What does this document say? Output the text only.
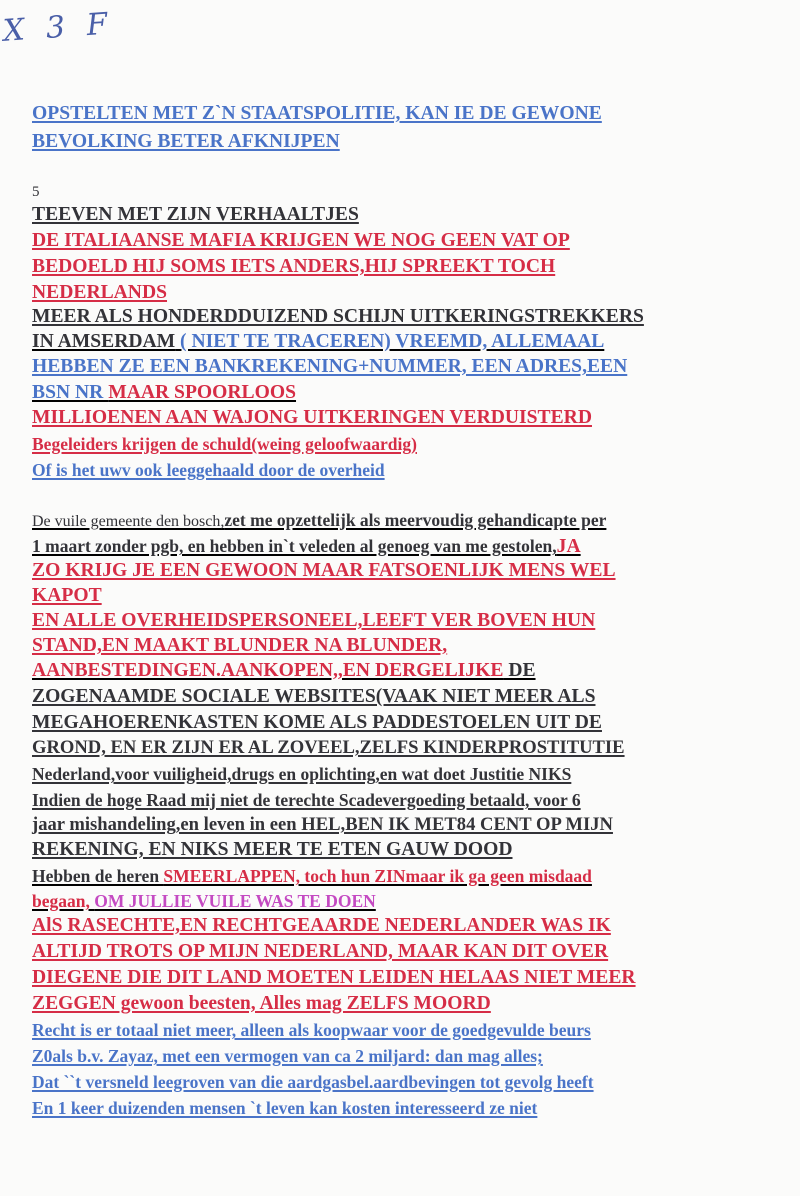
X 3 F
OPSTELTEN MET Z`N STAATSPOLITIE, KAN IE DE GEWONE
BEVOLKING BETER AFKNIJPEN
5
TEEVEN MET ZIJN VERHAALTJES
DE ITALIAANSE MAFIA KRIJGEN WE NOG GEEN VAT OP
BEDOELD HIJ SOMS IETS ANDERS,HIJ SPREEKT TOCH
NEDERLANDS
MEER ALS HONDERDDUIZEND SCHIJN UITKERINGSTREKKERS
IN AMSERDAM ( NIET TE TRACEREN) VREEMD, ALLEMAAL
HEBBEN ZE EEN BANKREKENING+NUMMER, EEN ADRES,EEN
BSN NR MAAR SPOORLOOS
MILLIOENEN AAN WAJONG UITKERINGEN VERDUISTERD
Begeleiders krijgen de schuld(weing geloofwaardig)
Of is het uwv ook leeggehaald door de overheid
De vuile gemeente den bosch,zet me opzettelijk als meervoudig gehandicapte per
1 maart zonder pgb, en hebben in`t veleden al genoeg van me gestolen,JA
ZO KRIJG JE EEN GEWOON MAAR FATSOENLIJK MENS WEL
KAPOT
EN ALLE OVERHEIDSPERSONEEL,LEEFT VER BOVEN HUN
STAND,EN MAAKT BLUNDER NA BLUNDER,
AANBESTEDINGEN.AANKOPEN,,EN DERGELIJKE DE
ZOGENAAMDE SOCIALE WEBSITES(VAAK NIET MEER ALS
MEGAHOERENKASTEN KOME ALS PADDESTOELEN UIT DE
GROND, EN ER ZIJN ER AL ZOVEEL,ZELFS KINDERPROSTITUTIE
Nederland,voor vuiligheid,drugs en oplichting,en wat doet Justitie NIKS
Indien de hoge Raad mij niet de terechte Scadevergoeding betaald, voor 6
jaar mishandeling,en leven in een HEL,BEN IK MET84 CENT OP MIJN
REKENING, EN NIKS MEER TE ETEN GAUW DOOD
Hebben de heren SMEERLAPPEN, toch hun ZINmaar ik ga geen misdaad
begaan, OM JULLIE VUILE WAS TE DOEN
AlS RASECHTE,EN RECHTGEAARDE NEDERLANDER WAS IK
ALTIJD TROTS OP MIJN NEDERLAND, MAAR KAN DIT OVER
DIEGENE DIE DIT LAND MOETEN LEIDEN HELAAS NIET MEER
ZEGGEN gewoon beesten, Alles mag ZELFS MOORD
Recht is er totaal niet meer, alleen als koopwaar voor de goedgevulde beurs
Z0als b.v. Zayaz, met een vermogen van ca 2 miljard: dan mag alles;
Dat ``t versneld leegroven van die aardgasbel.aardbevingen tot gevolg heeft
En 1 keer duizenden mensen `t leven kan kosten interesseerd ze niet
